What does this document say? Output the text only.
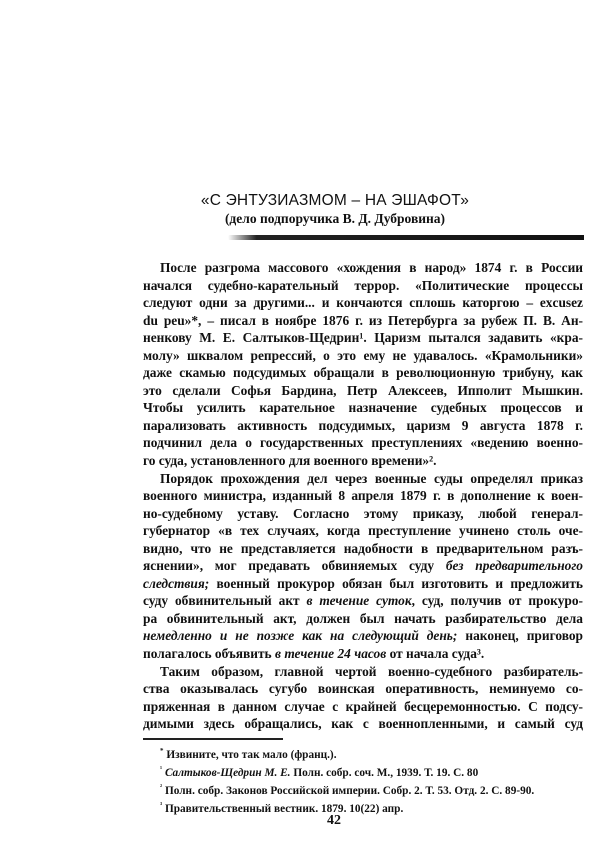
«С ЭНТУЗИАЗМОМ – НА ЭШАФОТ»
(дело подпоручика В. Д. Дубровина)
После разгрома массового «хождения в народ» 1874 г. в России
начался судебно-карательный террор. «Политические процессы
следуют одни за другими... и кончаются сплошь каторгою – excusez
du peu»*, – писал в ноябре 1876 г. из Петербурга за рубеж П. В. Ан-
ненкову М. Е. Салтыков-Щедрин¹. Царизм пытался задавить «кра-
молу» шквалом репрессий, о это ему не удавалось. «Крамольники»
даже скамью подсудимых обращали в революционную трибуну, как
это сделали Софья Бардина, Петр Алексеев, Ипполит Мышкин.
Чтобы усилить карательное назначение судебных процессов и
парализовать активность подсудимых, царизм 9 августа 1878 г.
подчинил дела о государственных преступлениях «ведению военно-
го суда, установленного для военного времени»².
Порядок прохождения дел через военные суды определял приказ
военного министра, изданный 8 апреля 1879 г. в дополнение к воен-
но-судебному уставу. Согласно этому приказу, любой генерал-
губернатор «в тех случаях, когда преступление учинено столь оче-
видно, что не представляется надобности в предварительном разъ-
яснении», мог предавать обвиняемых суду без предварительного
следствия; военный прокурор обязан был изготовить и предложить
суду обвинительный акт в течение суток, суд, получив от прокуро-
ра обвинительный акт, должен был начать разбирательство дела
немедленно и не позже как на следующий день; наконец, приговор
полагалось объявить в течение 24 часов от начала суда³.
Таким образом, главной чертой военно-судебного разбиратель-
ства оказывалась сугубо воинская оперативность, неминуемо со-
пряженная в данном случае с крайней бесцеремонностью. С подсу-
димыми здесь обращались, как с военнопленными, и самый суд
* Извините, что так мало (франц.).
$^{^1}$ Салтыков-Щедрин М. Е. Полн. собр. соч. М., 1939. Т. 19. С. 80
$^{^2}$ Полн. собр. Законов Российской империи. Собр. 2. Т. 53. Отд. 2. С. 89-90.
$^{^3}$ Правительственный вестник. 1879. 10(22) апр.
42
